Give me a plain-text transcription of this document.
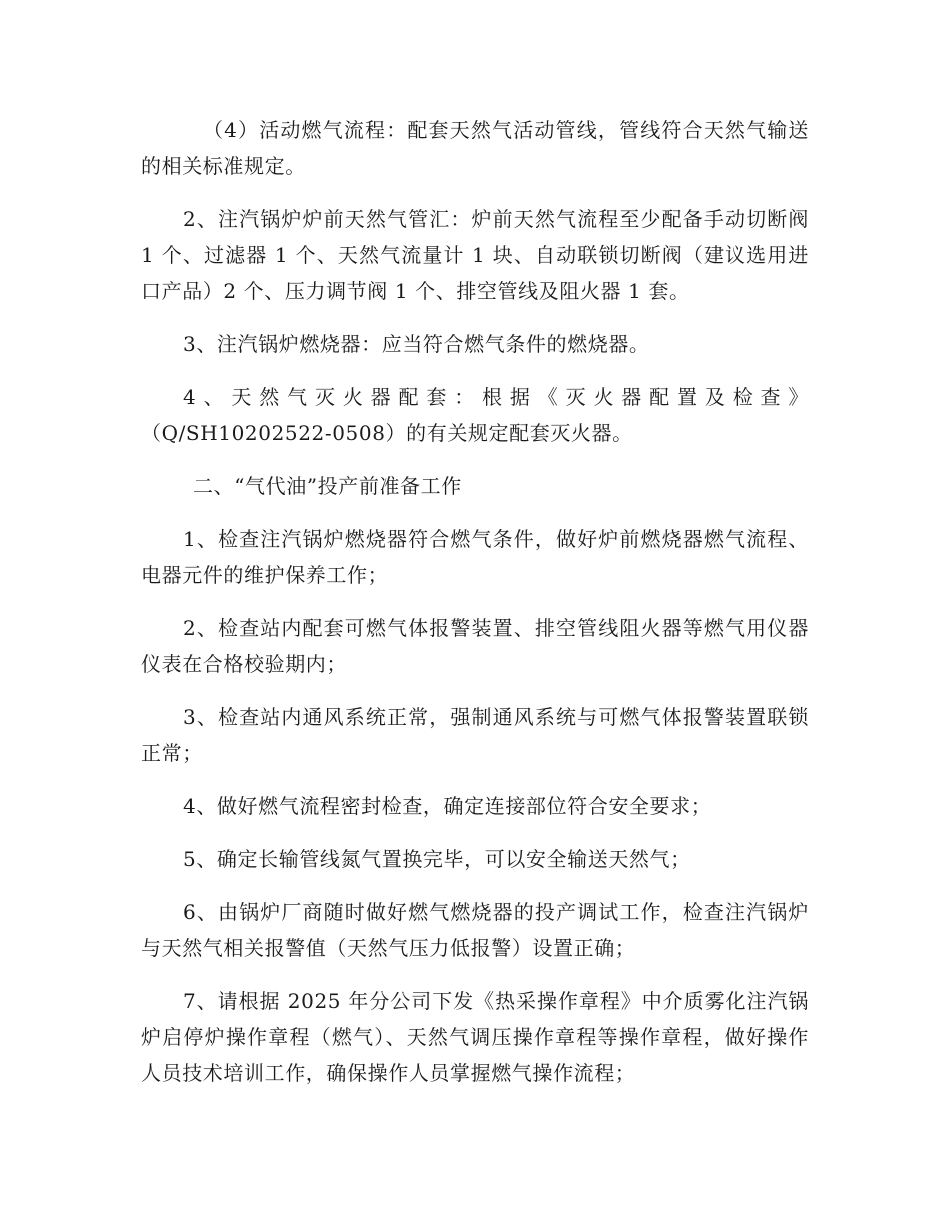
（4）活动燃气流程：配套天然气活动管线，管线符合天然气输送的相关标准规定。

2、注汽锅炉炉前天然气管汇：炉前天然气流程至少配备手动切断阀 1 个、过滤器 1 个、天然气流量计 1 块、自动联锁切断阀（建议选用进口产品）2 个、压力调节阀 1 个、排空管线及阻火器 1 套。

3、注汽锅炉燃烧器：应当符合燃气条件的燃烧器。

4、天然气灭火器配套：根据《灭火器配置及检查》（Q/SH10202522-0508）的有关规定配套灭火器。

二、“气代油”投产前准备工作

1、检查注汽锅炉燃烧器符合燃气条件，做好炉前燃烧器燃气流程、电器元件的维护保养工作；

2、检查站内配套可燃气体报警装置、排空管线阻火器等燃气用仪器仪表在合格校验期内；

3、检查站内通风系统正常，强制通风系统与可燃气体报警装置联锁正常；

4、做好燃气流程密封检查，确定连接部位符合安全要求；

5、确定长输管线氮气置换完毕，可以安全输送天然气；

6、由锅炉厂商随时做好燃气燃烧器的投产调试工作，检查注汽锅炉与天然气相关报警值（天然气压力低报警）设置正确；

7、请根据 2025 年分公司下发《热采操作章程》中介质雾化注汽锅炉启停炉操作章程（燃气）、天然气调压操作章程等操作章程，做好操作人员技术培训工作，确保操作人员掌握燃气操作流程；
